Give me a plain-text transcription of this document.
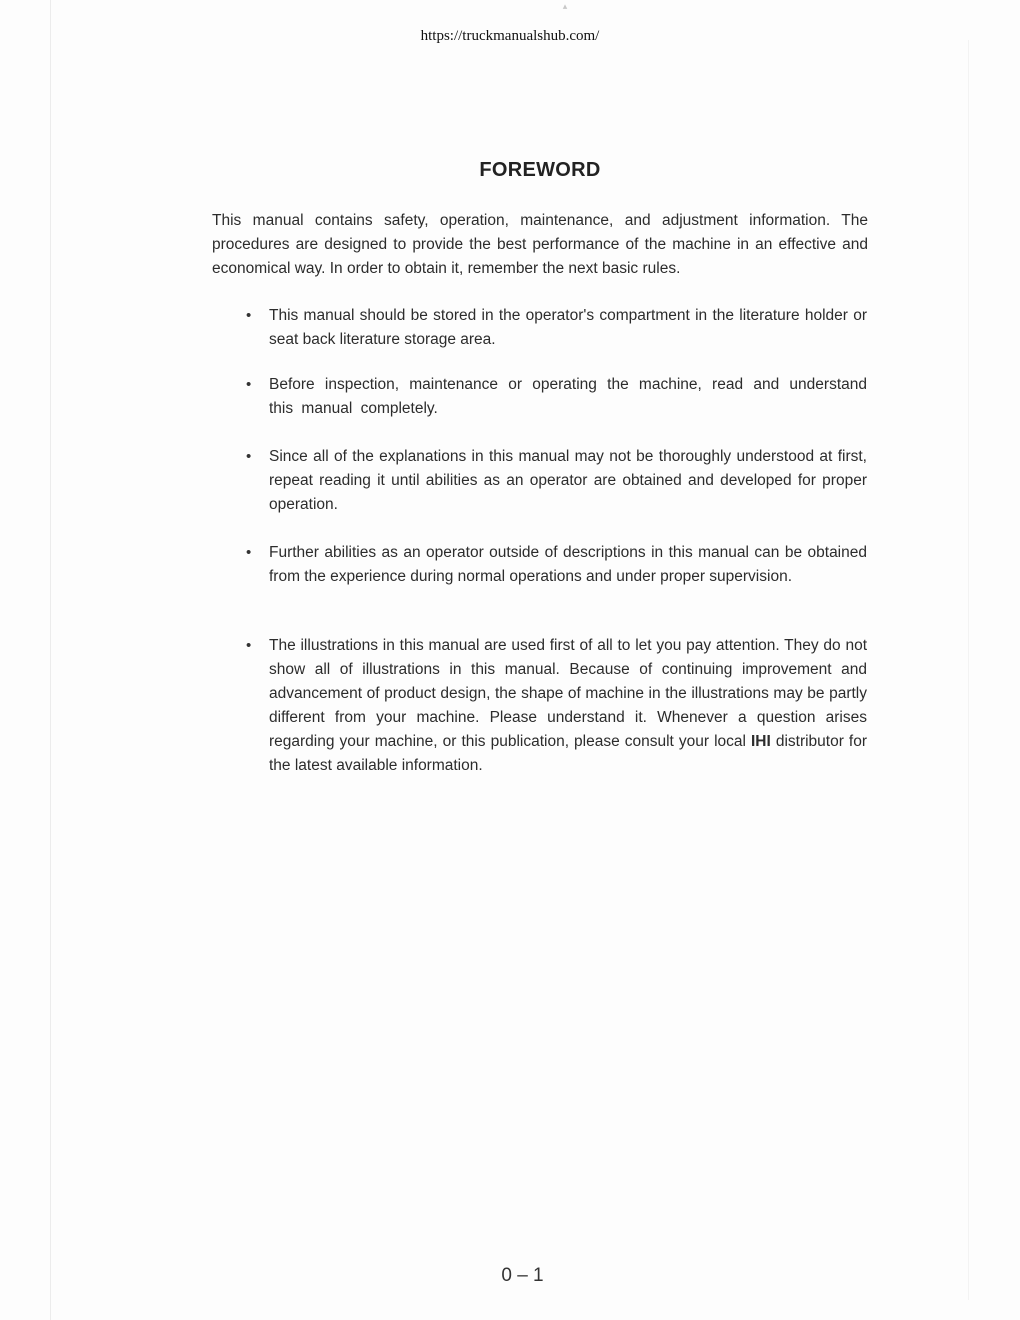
▴
https://truckmanualshub.com/
FOREWORD

This manual contains safety, operation, maintenance, and adjustment information. The procedures are designed to provide the best performance of the machine in an effective and economical way. In order to obtain it, remember the next basic rules.

•	This manual should be stored in the operator's compartment in the literature holder or seat back literature storage area.
•	Before inspection, maintenance or operating the machine, read and understand this manual completely.
•	Since all of the explanations in this manual may not be thoroughly understood at first, repeat reading it until abilities as an operator are obtained and developed for proper operation.
•	Further abilities as an operator outside of descriptions in this manual can be obtained from the experience during normal operations and under proper supervision.
•	The illustrations in this manual are used first of all to let you pay attention. They do not show all of illustrations in this manual. Because of continuing improvement and advancement of product design, the shape of machine in the illustrations may be partly different from your machine. Please understand it. Whenever a question arises regarding your machine, or this publication, please consult your local IHI distributor for the latest available information.
0 – 1
